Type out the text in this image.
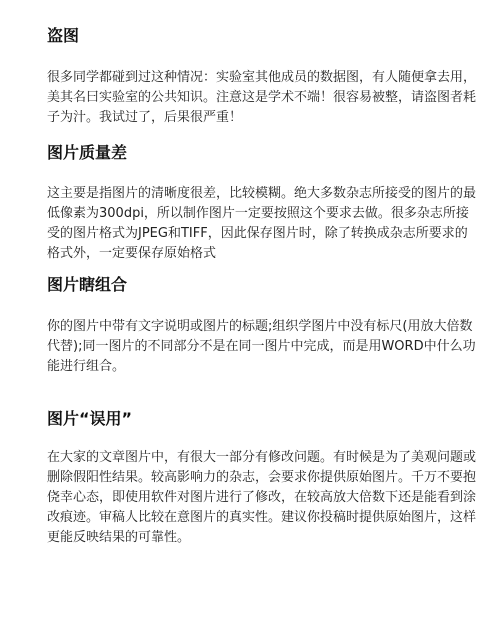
盗图

很多同学都碰到过这种情况：实验室其他成员的数据图，有人随便拿去用，美其名曰实验室的公共知识。注意这是学术不端！很容易被整，请盗图者耗子为汁。我试过了，后果很严重！

图片质量差

这主要是指图片的清晰度很差，比较模糊。绝大多数杂志所接受的图片的最低像素为300dpi，所以制作图片一定要按照这个要求去做。很多杂志所接受的图片格式为JPEG和TIFF，因此保存图片时，除了转换成杂志所要求的格式外，一定要保存原始格式

图片瞎组合

你的图片中带有文字说明或图片的标题;组织学图片中没有标尺(用放大倍数代替);同一图片的不同部分不是在同一图片中完成，而是用WORD中什么功能进行组合。

图片“误用”

在大家的文章图片中，有很大一部分有修改问题。有时候是为了美观问题或删除假阳性结果。较高影响力的杂志，会要求你提供原始图片。千万不要抱侥幸心态，即使用软件对图片进行了修改，在较高放大倍数下还是能看到涂改痕迹。审稿人比较在意图片的真实性。建议你投稿时提供原始图片，这样更能反映结果的可靠性。
